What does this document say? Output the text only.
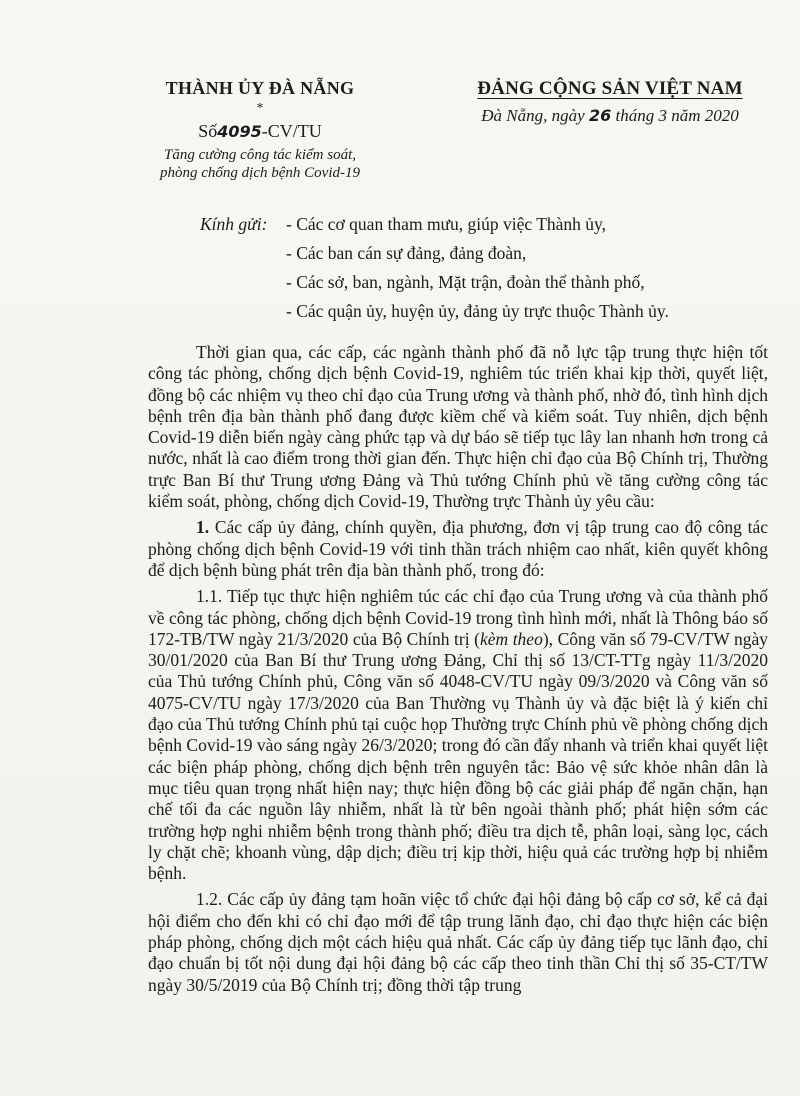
THÀNH ỦY ĐÀ NẴNG
*
Số4095-CV/TU
Tăng cường công tác kiểm soát,
phòng chống dịch bệnh Covid-19
ĐẢNG CỘNG SẢN VIỆT NAM
Đà Nẵng, ngày 26 tháng 3 năm 2020
Kính gửi:	- Các cơ quan tham mưu, giúp việc Thành ủy,
- Các ban cán sự đảng, đảng đoàn,
- Các sở, ban, ngành, Mặt trận, đoàn thể thành phố,
- Các quận ủy, huyện ủy, đảng ủy trực thuộc Thành ủy.

Thời gian qua, các cấp, các ngành thành phố đã nỗ lực tập trung thực hiện tốt công tác phòng, chống dịch bệnh Covid-19, nghiêm túc triển khai kịp thời, quyết liệt, đồng bộ các nhiệm vụ theo chỉ đạo của Trung ương và thành phố, nhờ đó, tình hình dịch bệnh trên địa bàn thành phố đang được kiềm chế và kiểm soát. Tuy nhiên, dịch bệnh Covid-19 diễn biến ngày càng phức tạp và dự báo sẽ tiếp tục lây lan nhanh hơn trong cả nước, nhất là cao điểm trong thời gian đến. Thực hiện chỉ đạo của Bộ Chính trị, Thường trực Ban Bí thư Trung ương Đảng và Thủ tướng Chính phủ về tăng cường công tác kiểm soát, phòng, chống dịch Covid-19, Thường trực Thành ủy yêu cầu:

1. Các cấp ủy đảng, chính quyền, địa phương, đơn vị tập trung cao độ công tác phòng chống dịch bệnh Covid-19 với tinh thần trách nhiệm cao nhất, kiên quyết không để dịch bệnh bùng phát trên địa bàn thành phố, trong đó:

1.1. Tiếp tục thực hiện nghiêm túc các chỉ đạo của Trung ương và của thành phố về công tác phòng, chống dịch bệnh Covid-19 trong tình hình mới, nhất là Thông báo số 172-TB/TW ngày 21/3/2020 của Bộ Chính trị (kèm theo), Công văn số 79-CV/TW ngày 30/01/2020 của Ban Bí thư Trung ương Đảng, Chỉ thị số 13/CT-TTg ngày 11/3/2020 của Thủ tướng Chính phủ, Công văn số 4048-CV/TU ngày 09/3/2020 và Công văn số 4075-CV/TU ngày 17/3/2020 của Ban Thường vụ Thành ủy và đặc biệt là ý kiến chỉ đạo của Thủ tướng Chính phủ tại cuộc họp Thường trực Chính phủ về phòng chống dịch bệnh Covid-19 vào sáng ngày 26/3/2020; trong đó cần đẩy nhanh và triển khai quyết liệt các biện pháp phòng, chống dịch bệnh trên nguyên tắc: Bảo vệ sức khỏe nhân dân là mục tiêu quan trọng nhất hiện nay; thực hiện đồng bộ các giải pháp để ngăn chặn, hạn chế tối đa các nguồn lây nhiễm, nhất là từ bên ngoài thành phố; phát hiện sớm các trường hợp nghi nhiễm bệnh trong thành phố; điều tra dịch tễ, phân loại, sàng lọc, cách ly chặt chẽ; khoanh vùng, dập dịch; điều trị kịp thời, hiệu quả các trường hợp bị nhiễm bệnh.

1.2. Các cấp ủy đảng tạm hoãn việc tổ chức đại hội đảng bộ cấp cơ sở, kể cả đại hội điểm cho đến khi có chỉ đạo mới để tập trung lãnh đạo, chỉ đạo thực hiện các biện pháp phòng, chống dịch một cách hiệu quả nhất. Các cấp ủy đảng tiếp tục lãnh đạo, chỉ đạo chuẩn bị tốt nội dung đại hội đảng bộ các cấp theo tinh thần Chỉ thị số 35-CT/TW ngày 30/5/2019 của Bộ Chính trị; đồng thời tập trung
